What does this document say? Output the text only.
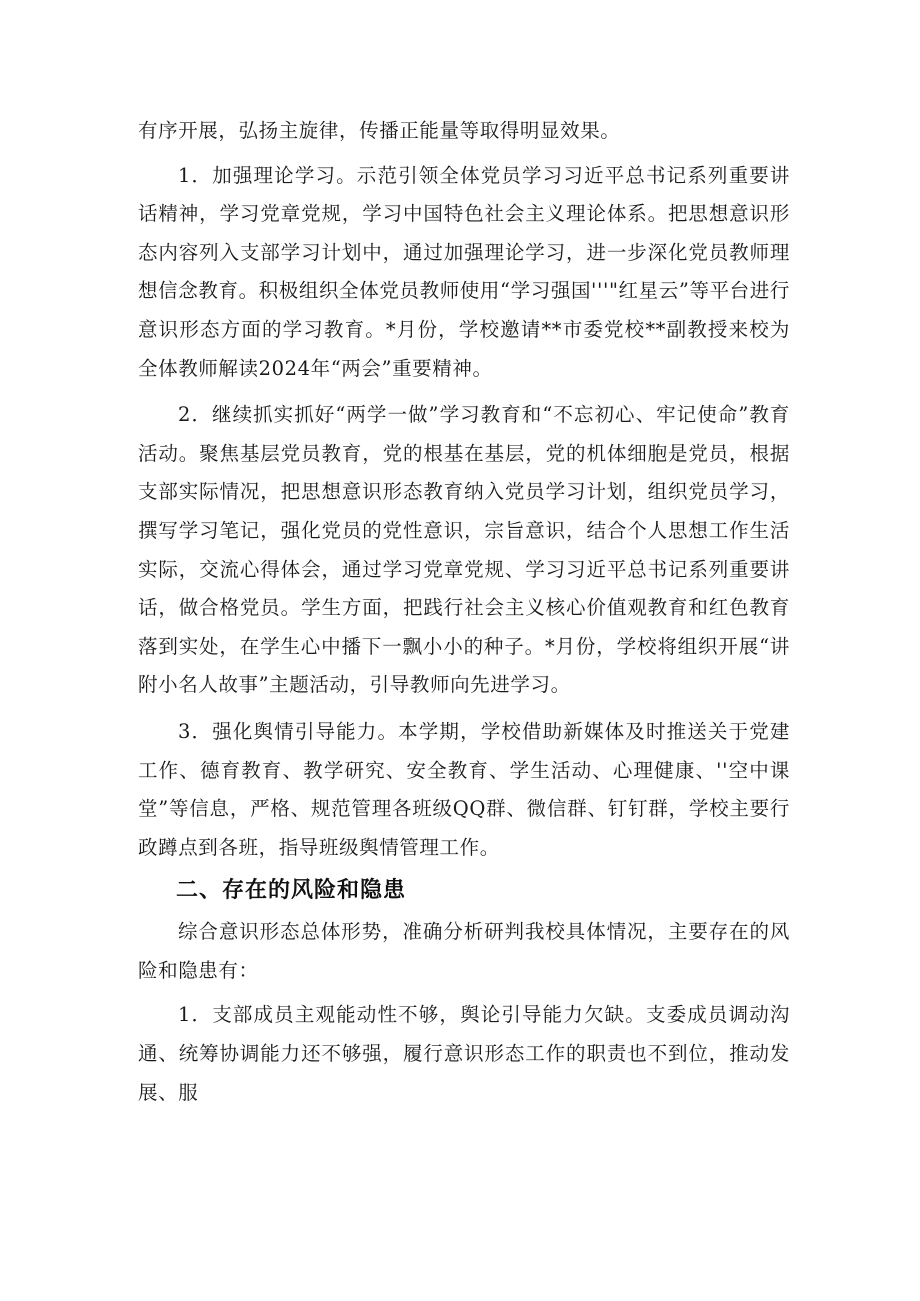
有序开展，弘扬主旋律，传播正能量等取得明显效果。

1．加强理论学习。示范引领全体党员学习习近平总书记系列重要讲话精神，学习党章党规，学习中国特色社会主义理论体系。把思想意识形态内容列入支部学习计划中，通过加强理论学习，进一步深化党员教师理想信念教育。积极组织全体党员教师使用“学习强国'''"红星云”等平台进行意识形态方面的学习教育。*月份，学校邀请**市委党校**副教授来校为全体教师解读2024年“两会”重要精神。

2．继续抓实抓好“两学一做”学习教育和“不忘初心、牢记使命”教育活动。聚焦基层党员教育，党的根基在基层，党的机体细胞是党员，根据支部实际情况，把思想意识形态教育纳入党员学习计划，组织党员学习，撰写学习笔记，强化党员的党性意识，宗旨意识，结合个人思想工作生活实际，交流心得体会，通过学习党章党规、学习习近平总书记系列重要讲话，做合格党员。学生方面，把践行社会主义核心价值观教育和红色教育落到实处，在学生心中播下一飘小小的种子。*月份，学校将组织开展“讲附小名人故事”主题活动，引导教师向先进学习。

3．强化舆情引导能力。本学期，学校借助新媒体及时推送关于党建工作、德育教育、教学研究、安全教育、学生活动、心理健康、''空中课堂”等信息，严格、规范管理各班级QQ群、微信群、钉钉群，学校主要行政蹲点到各班，指导班级舆情管理工作。

二、存在的风险和隐患

综合意识形态总体形势，准确分析研判我校具体情况，主要存在的风险和隐患有：

1．支部成员主观能动性不够，舆论引导能力欠缺。支委成员调动沟通、统筹协调能力还不够强，履行意识形态工作的职责也不到位，推动发展、服
